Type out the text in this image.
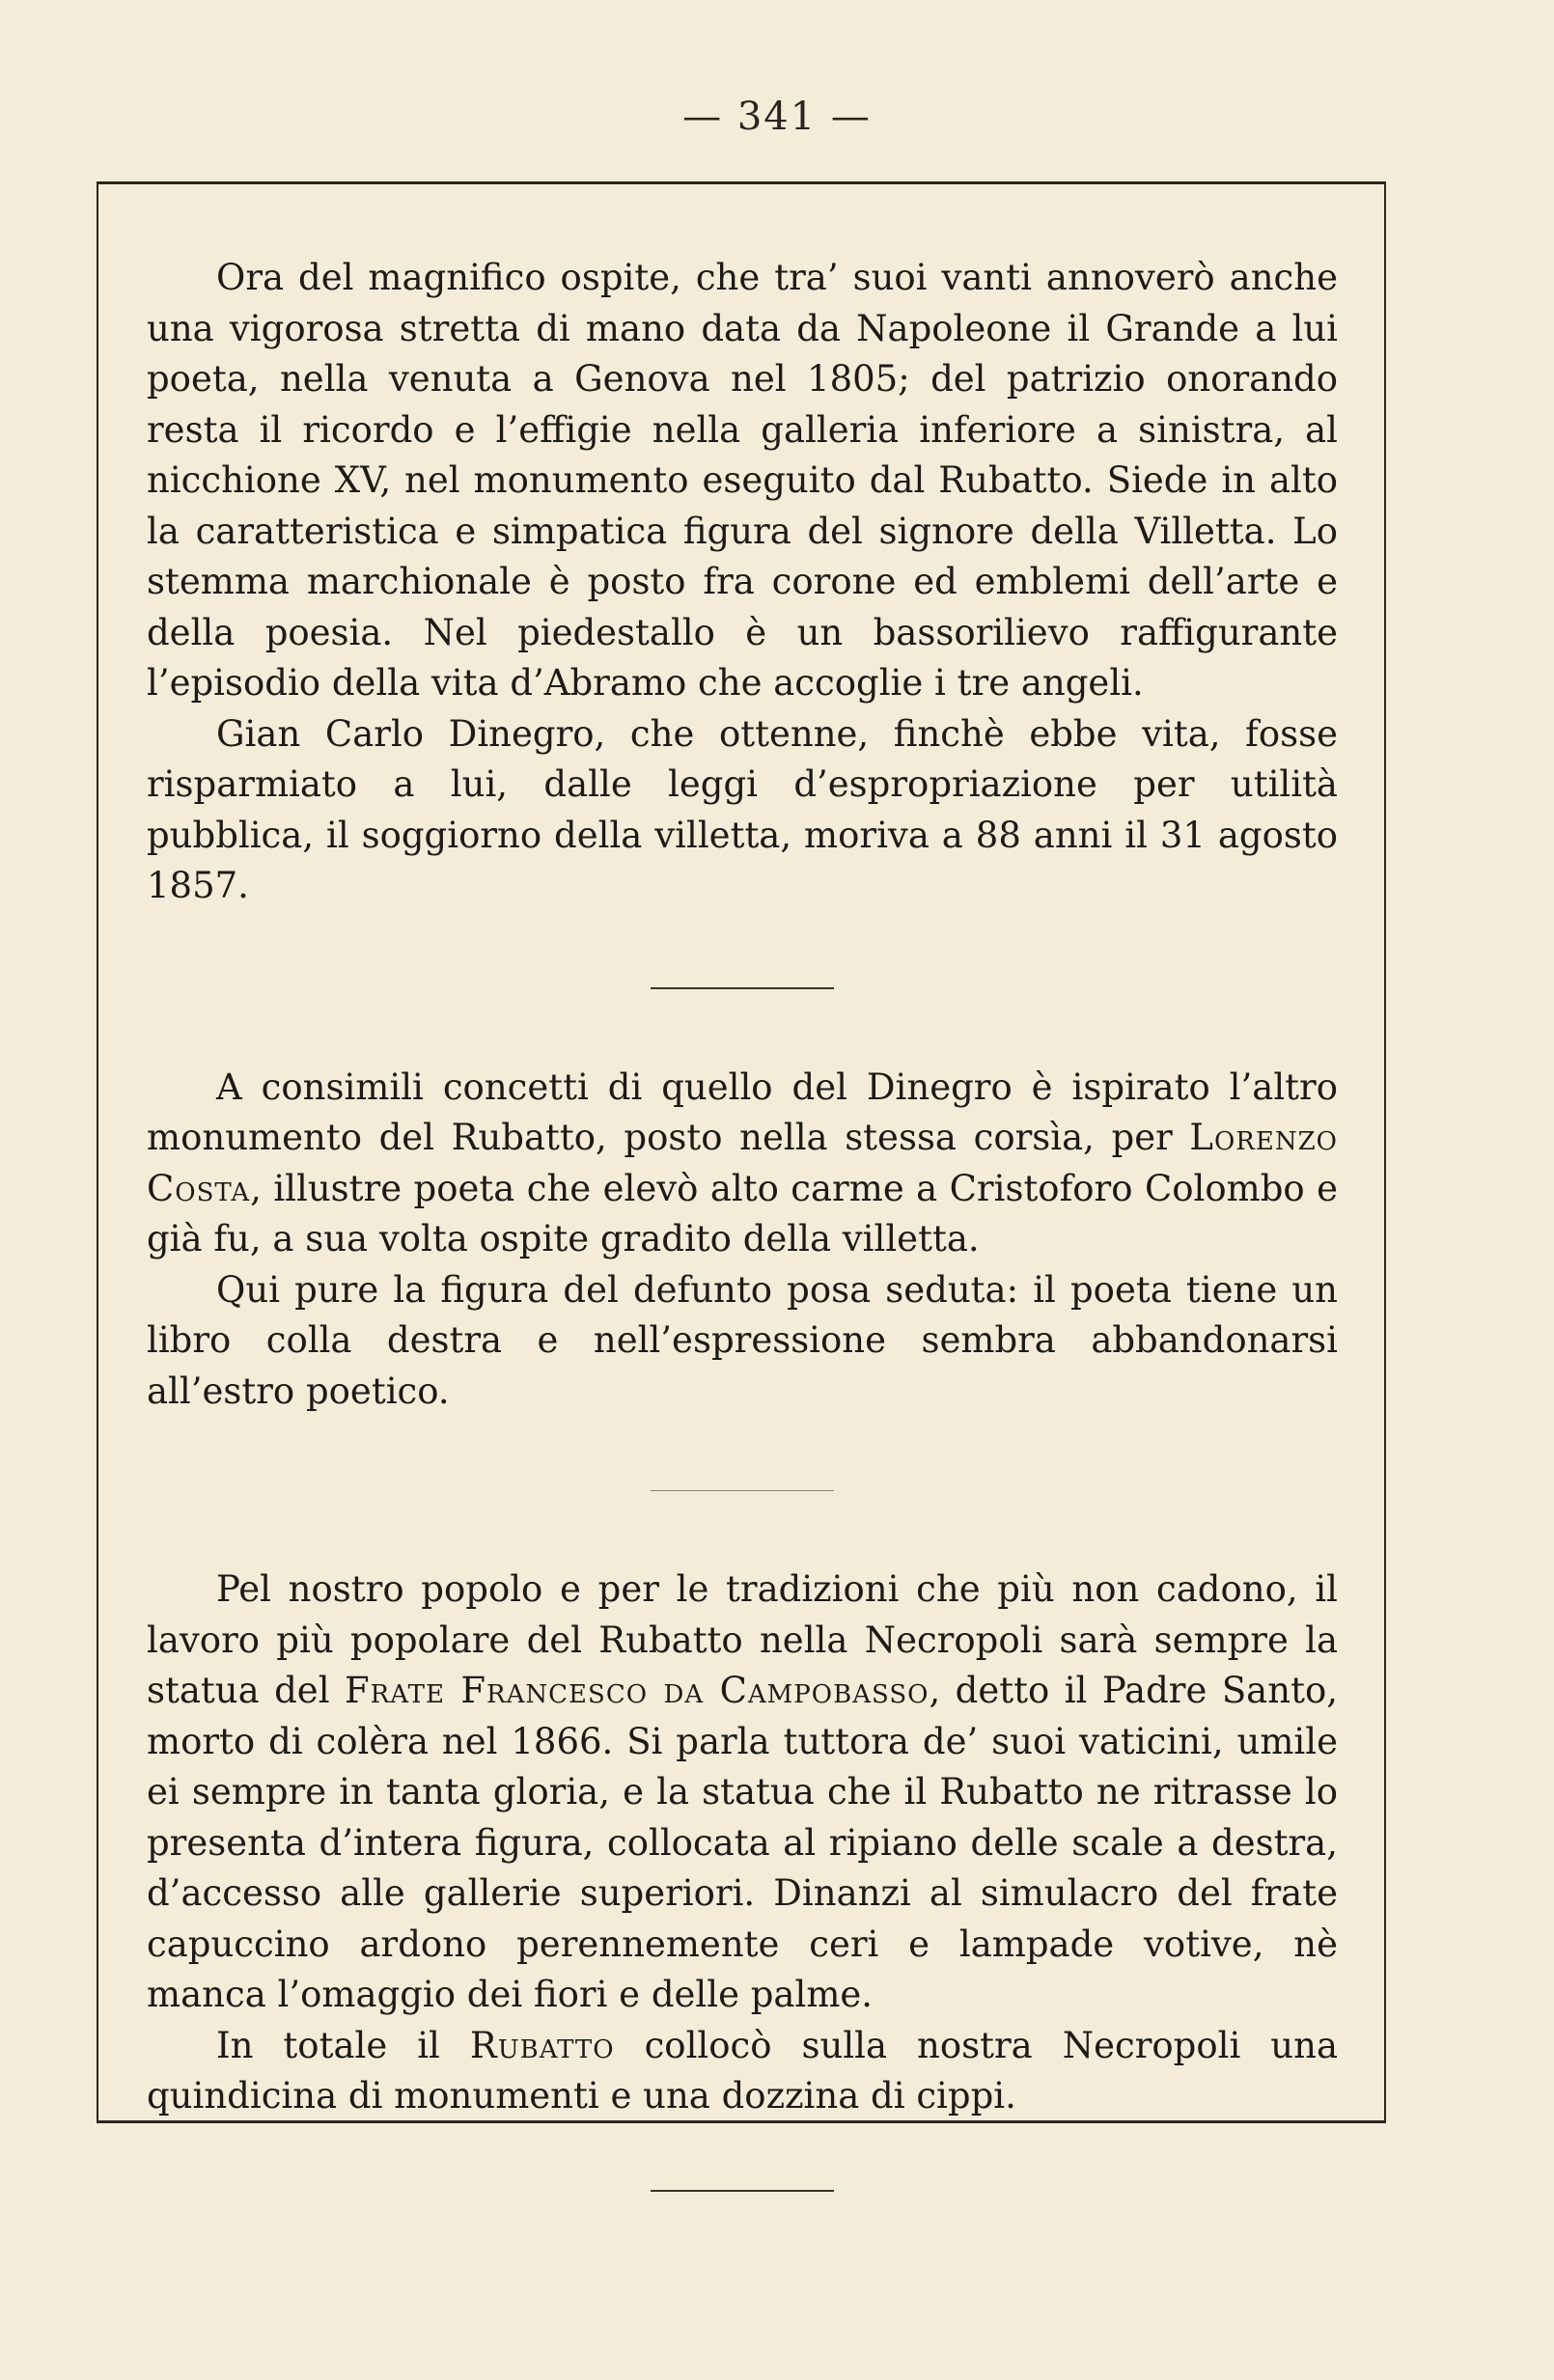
— 341 —

Ora del magnifico ospite, che tra’ suoi vanti annoverò anche una vigorosa stretta di mano data da Napoleone il Grande a lui poeta, nella venuta a Genova nel 1805; del patrizio onorando resta il ricordo e l’effigie nella galleria inferiore a sinistra, al nicchione XV, nel monumento eseguito dal Rubatto. Siede in alto la caratteristica e simpatica figura del signore della Villetta. Lo stemma marchionale è posto fra corone ed emblemi dell’arte e della poesia. Nel piedestallo è un bassorilievo raffigurante l’episodio della vita d’Abramo che accoglie i tre angeli.

Gian Carlo Dinegro, che ottenne, finchè ebbe vita, fosse risparmiato a lui, dalle leggi d’espropriazione per utilità pubblica, il soggiorno della villetta, moriva a 88 anni il 31 agosto 1857.

A consimili concetti di quello del Dinegro è ispirato l’altro monumento del Rubatto, posto nella stessa corsìa, per Lorenzo Costa, illustre poeta che elevò alto carme a Cristoforo Colombo e già fu, a sua volta ospite gradito della villetta.

Qui pure la figura del defunto posa seduta: il poeta tiene un libro colla destra e nell’espressione sembra abbandonarsi all’estro poetico.

Pel nostro popolo e per le tradizioni che più non cadono, il lavoro più popolare del Rubatto nella Necropoli sarà sempre la statua del Frate Francesco da Campobasso, detto il Padre Santo, morto di colèra nel 1866. Si parla tuttora de’ suoi vaticini, umile ei sempre in tanta gloria, e la statua che il Rubatto ne ritrasse lo presenta d’intera figura, collocata al ripiano delle scale a destra, d’accesso alle gallerie superiori. Dinanzi al simulacro del frate capuccino ardono perennemente ceri e lampade votive, nè manca l’omaggio dei fiori e delle palme.

In totale il Rubatto collocò sulla nostra Necropoli una quindicina di monumenti e una dozzina di cippi.
